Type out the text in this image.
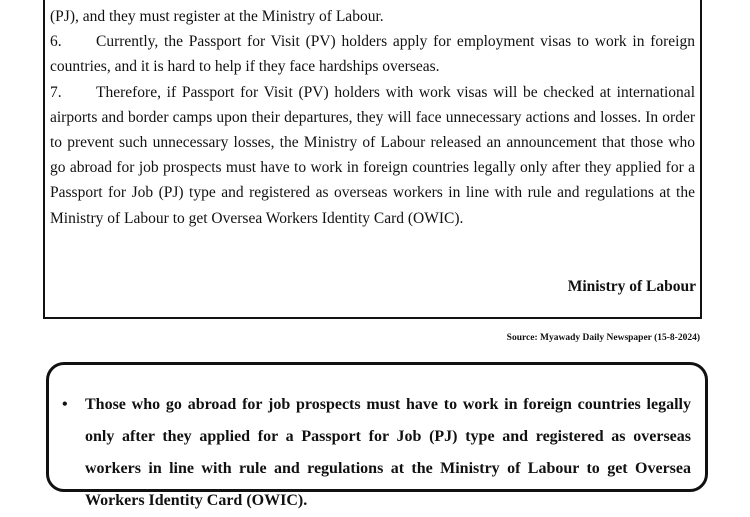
(PJ), and they must register at the Ministry of Labour.

6. Currently, the Passport for Visit (PV) holders apply for employment visas to work in foreign countries, and it is hard to help if they face hardships overseas.

7. Therefore, if Passport for Visit (PV) holders with work visas will be checked at international airports and border camps upon their departures, they will face unnecessary actions and losses. In order to prevent such unnecessary losses, the Ministry of Labour released an announcement that those who go abroad for job prospects must have to work in foreign countries legally only after they applied for a Passport for Job (PJ) type and registered as overseas workers in line with rule and regulations at the Ministry of Labour to get Oversea Workers Identity Card (OWIC).

Ministry of Labour
Source: Myawady Daily Newspaper (15-8-2024)
• Those who go abroad for job prospects must have to work in foreign countries legally only after they applied for a Passport for Job (PJ) type and registered as overseas workers in line with rule and regulations at the Ministry of Labour to get Oversea Workers Identity Card (OWIC).
